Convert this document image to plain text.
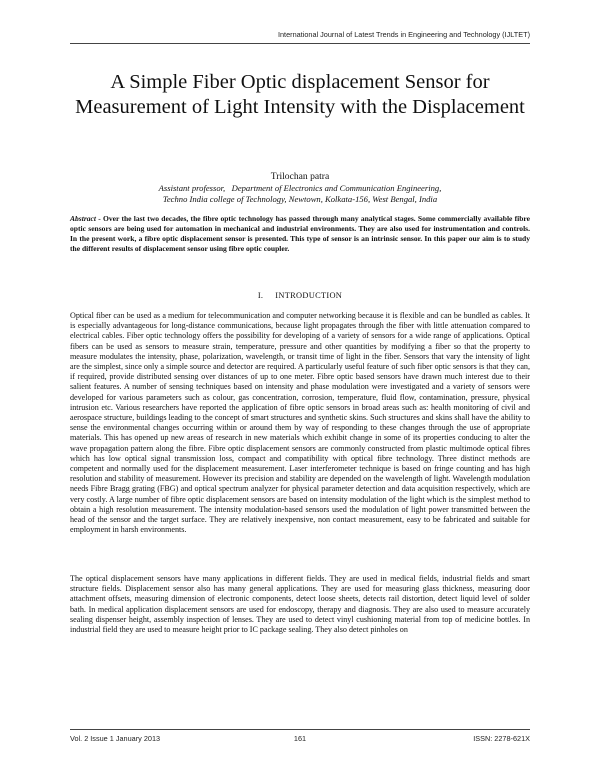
International Journal of Latest Trends in Engineering and Technology (IJLTET)
A Simple Fiber Optic displacement Sensor for Measurement of Light Intensity with the Displacement
Trilochan patra
Assistant professor,   Department of Electronics and Communication Engineering,
Techno India college of Technology, Newtown, Kolkata-156, West Bengal, India
Abstract - Over the last two decades, the fibre optic technology has passed through many analytical stages. Some commercially available fibre optic sensors are being used for automation in mechanical and industrial environments. They are also used for instrumentation and controls. In the present work, a fibre optic displacement sensor is presented. This type of sensor is an intrinsic sensor. In this paper our aim is to study the different results of displacement sensor using fibre optic coupler.
I.     INTRODUCTION
Optical fiber can be used as a medium for telecommunication and computer networking because it is flexible and can be bundled as cables. It is especially advantageous for long-distance communications, because light propagates through the fiber with little attenuation compared to electrical cables. Fiber optic technology offers the possibility for developing of a variety of sensors for a wide range of applications. Optical fibers can be used as sensors to measure strain, temperature, pressure and other quantities by modifying a fiber so that the property to measure modulates the intensity, phase, polarization, wavelength, or transit time of light in the fiber. Sensors that vary the intensity of light are the simplest, since only a simple source and detector are required. A particularly useful feature of such fiber optic sensors is that they can, if required, provide distributed sensing over distances of up to one meter. Fibre optic based sensors have drawn much interest due to their salient features. A number of sensing techniques based on intensity and phase modulation were investigated and a variety of sensors were developed for various parameters such as colour, gas concentration, corrosion, temperature, fluid flow, contamination, pressure, physical intrusion etc. Various researchers have reported the application of fibre optic sensors in broad areas such as: health monitoring of civil and aerospace structure, buildings leading to the concept of smart structures and synthetic skins. Such structures and skins shall have the ability to sense the environmental changes occurring within or around them by way of responding to these changes through the use of appropriate materials. This has opened up new areas of research in new materials which exhibit change in some of its properties conducing to alter the wave propagation pattern along the fibre. Fibre optic displacement sensors are commonly constructed from plastic multimode optical fibres which has low optical signal transmission loss, compact and compatibility with optical fibre technology. Three distinct methods are competent and normally used for the displacement measurement. Laser interferometer technique is based on fringe counting and has high resolution and stability of measurement. However its precision and stability are depended on the wavelength of light. Wavelength modulation needs Fibre Bragg grating (FBG) and optical spectrum analyzer for physical parameter detection and data acquisition respectively, which are very costly. A large number of fibre optic displacement sensors are based on intensity modulation of the light which is the simplest method to obtain a high resolution measurement. The intensity modulation-based sensors used the modulation of light power transmitted between the head of the sensor and the target surface. They are relatively inexpensive, non contact measurement, easy to be fabricated and suitable for employment in harsh environments.
The optical displacement sensors have many applications in different fields. They are used in medical fields, industrial fields and smart structure fields. Displacement sensor also has many general applications. They are used for measuring glass thickness, measuring door attachment offsets, measuring dimension of electronic components, detect loose sheets, detects rail distortion, detect liquid level of solder bath. In medical application displacement sensors are used for endoscopy, therapy and diagnosis. They are also used to measure accurately sealing dispenser height, assembly inspection of lenses. They are used to detect vinyl cushioning material from top of medicine bottles. In industrial field they are used to measure height prior to IC package sealing. They also detect pinholes on
Vol. 2 Issue 1 January 2013	161	ISSN: 2278-621X
